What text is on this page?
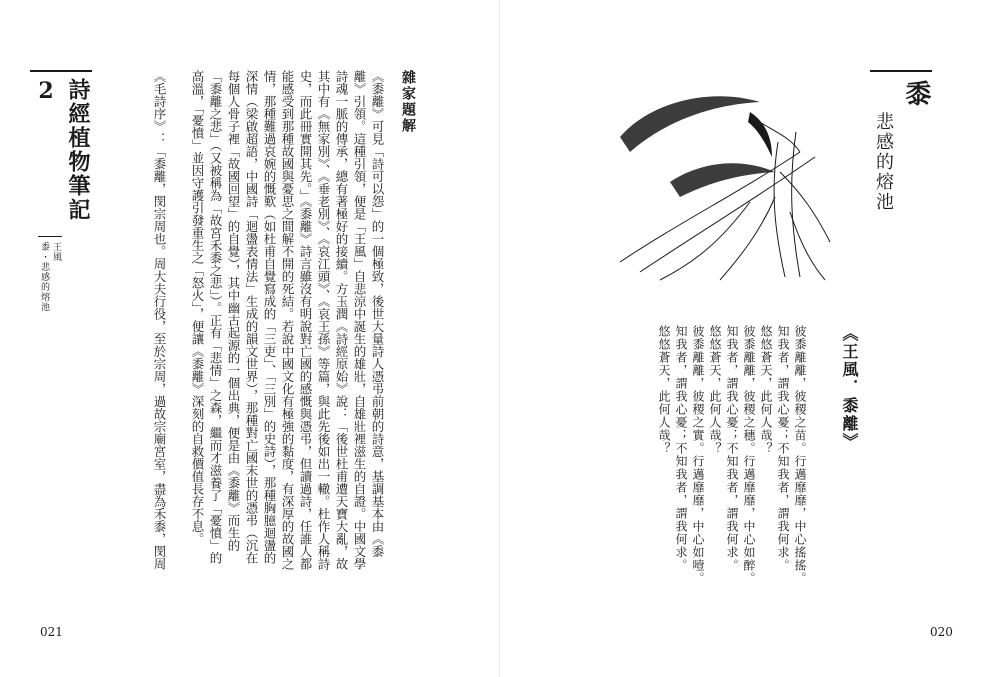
詩經植物筆記2
王風
黍・悲感的熔池
雜家題解

《黍離》可見「詩可以怨」的一個極致，後世大量詩人憑弔前朝的詩意，基調基本由《黍離》引領。這種引領，便是「王風」自悲涼中誕生的雄壯，自雄壯裡滋生的自證。中國文學詩魂一脈的傳承，總有著極好的接續。方玉潤《詩經原始》說：「後世杜甫遭天寶大亂，故其中有《無家別》、《垂老別》、《哀江頭》、《哀王孫》等篇，與此先後如出一轍。杜作人稱詩史，而此冊實開其先。」《黍離》詩言雖沒有明說對亡國的感慨與憑弔，但讀過詩，任誰人都能感受到那種故國與憂思之間解不開的死結。若說中國文化有極強的黏度，有深厚的故國之情，那種難過哀婉的慨歎（如杜甫自覺寫成的「三吏」、「三別」的史詩），那種胸臆迴盪的深情（梁啟超語，中國詩「迴盪表情法」生成的韻文世界），那種對亡國末世的憑弔（沉在每個人骨子裡「故國回望」的自覺），其中幽古起源的一個出典，便是由《黍離》而生的「黍離之悲」（又被稱為「故宮禾黍之悲」）。正有「悲情」之森，繼而才滋養了「憂憤」的高溫，「憂憤」並因守護引發重生之「怒火」，便讓《黍離》深刻的自救價值長存不息。

《毛詩序》：「黍離，閔宗周也。周大夫行役，至於宗周，過故宗廟宮室，盡為禾黍，閔周

021
黍
悲感的熔池
《王風．黍離》
彼黍離離，彼稷之苗。行邁靡靡，中心搖搖。
知我者，謂我心憂；不知我者，謂我何求。
悠悠蒼天，此何人哉？
彼黍離離，彼稷之穗。行邁靡靡，中心如醉。
知我者，謂我心憂；不知我者，謂我何求。
悠悠蒼天，此何人哉？
彼黍離離，彼稷之實。行邁靡靡，中心如噎。
知我者，謂我心憂；不知我者，謂我何求。
悠悠蒼天，此何人哉？
020
